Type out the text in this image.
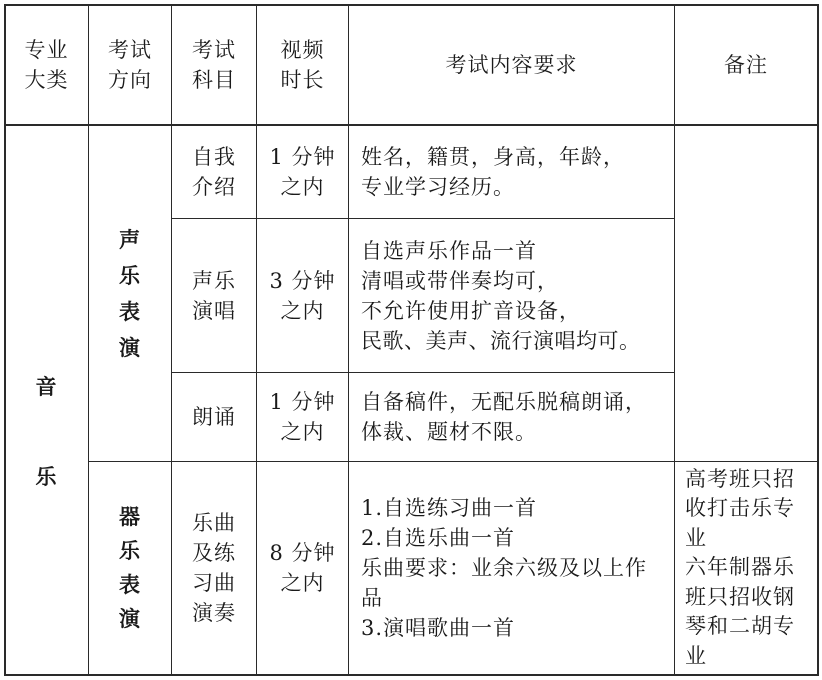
专业
大类
考试
方向
考试
科目
视频
时长
考试内容要求	备注
音
乐
声
乐
表
演
器
乐
表
演
自我
介绍
1 分钟
之内
姓名，籍贯，身高，年龄，
专业学习经历。
声乐
演唱
3 分钟
之内
自选声乐作品一首
清唱或带伴奏均可，
不允许使用扩音设备，
民歌、美声、流行演唱均可。
朗诵
1 分钟
之内
自备稿件，无配乐脱稿朗诵，
体裁、题材不限。
乐曲
及练
习曲
演奏
8 分钟
之内
1.自选练习曲一首
2.自选乐曲一首
乐曲要求：业余六级及以上作
品
3.演唱歌曲一首
高考班只招
收打击乐专
业
六年制器乐
班只招收钢
琴和二胡专
业
